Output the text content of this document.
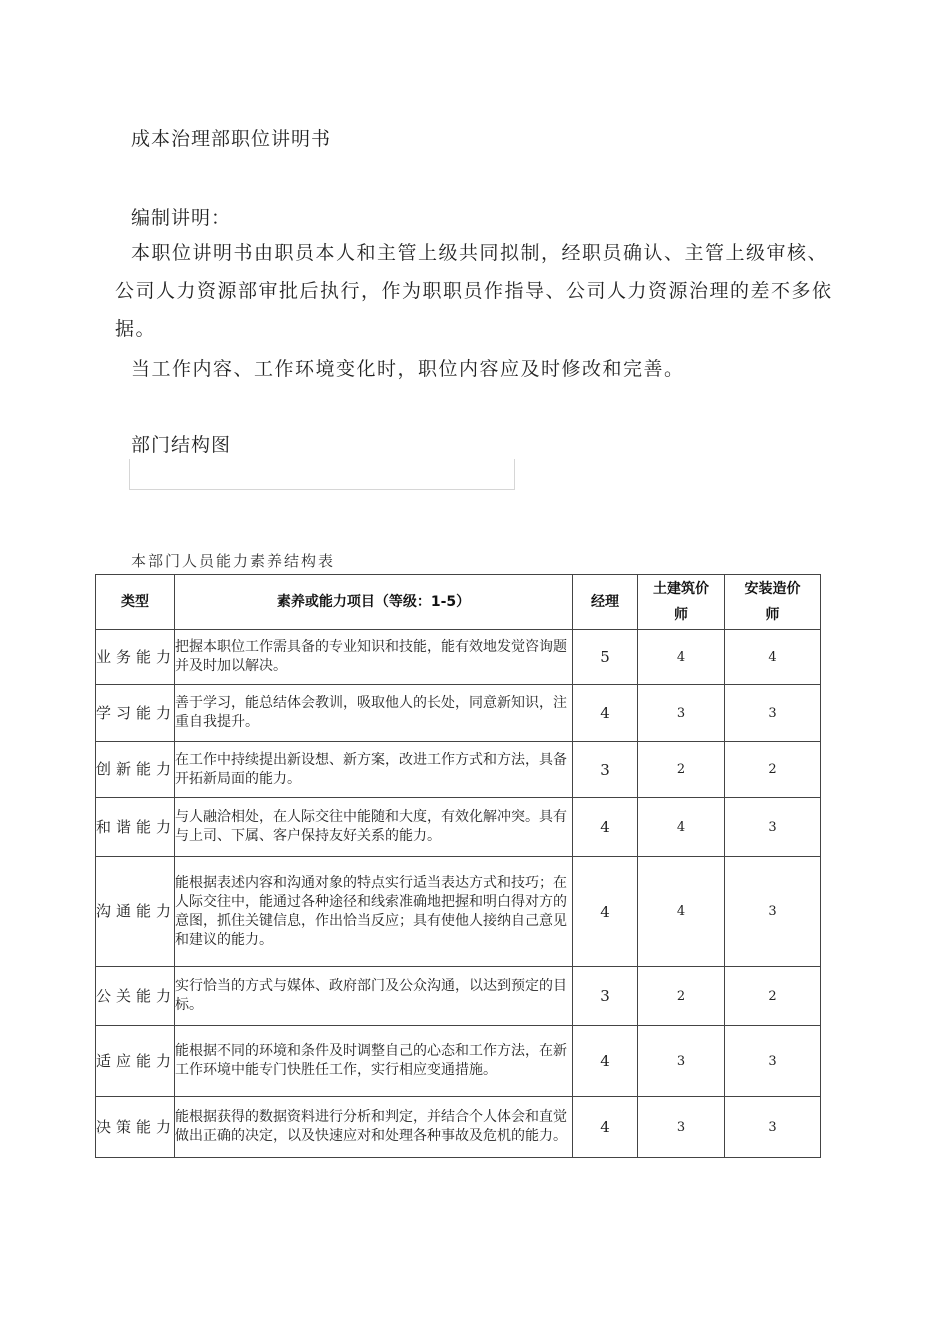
成本治理部职位讲明书
编制讲明：
本职位讲明书由职员本人和主管上级共同拟制，经职员确认、主管上级审核、公司人力资源部审批后执行，作为职职员作指导、公司人力资源治理的差不多依据。
当工作内容、工作环境变化时，职位内容应及时修改和完善。
部门结构图
本部门人员能力素养结构表
类型	素养或能力项目（等级：1-5）	经理	土建筑价师	安装造价师
业务能力	把握本职位工作需具备的专业知识和技能，能有效地发觉咨询题并及时加以解决。	5	4	4
学习能力	善于学习，能总结体会教训，吸取他人的长处，同意新知识，注重自我提升。	4	3	3
创新能力	在工作中持续提出新设想、新方案，改进工作方式和方法，具备开拓新局面的能力。	3	2	2
和谐能力	与人融洽相处，在人际交往中能随和大度，有效化解冲突。具有与上司、下属、客户保持友好关系的能力。	4	4	3
沟通能力	能根据表述内容和沟通对象的特点实行适当表达方式和技巧；在人际交往中，能通过各种途径和线索准确地把握和明白得对方的意图，抓住关键信息，作出恰当反应；具有使他人接纳自己意见和建议的能力。	4	4	3
公关能力	实行恰当的方式与媒体、政府部门及公众沟通，以达到预定的目标。	3	2	2
适应能力	能根据不同的环境和条件及时调整自己的心态和工作方法，在新工作环境中能专门快胜任工作，实行相应变通措施。	4	3	3
决策能力	能根据获得的数据资料进行分析和判定，并结合个人体会和直觉做出正确的决定，以及快速应对和处理各种事故及危机的能力。	4	3	3
